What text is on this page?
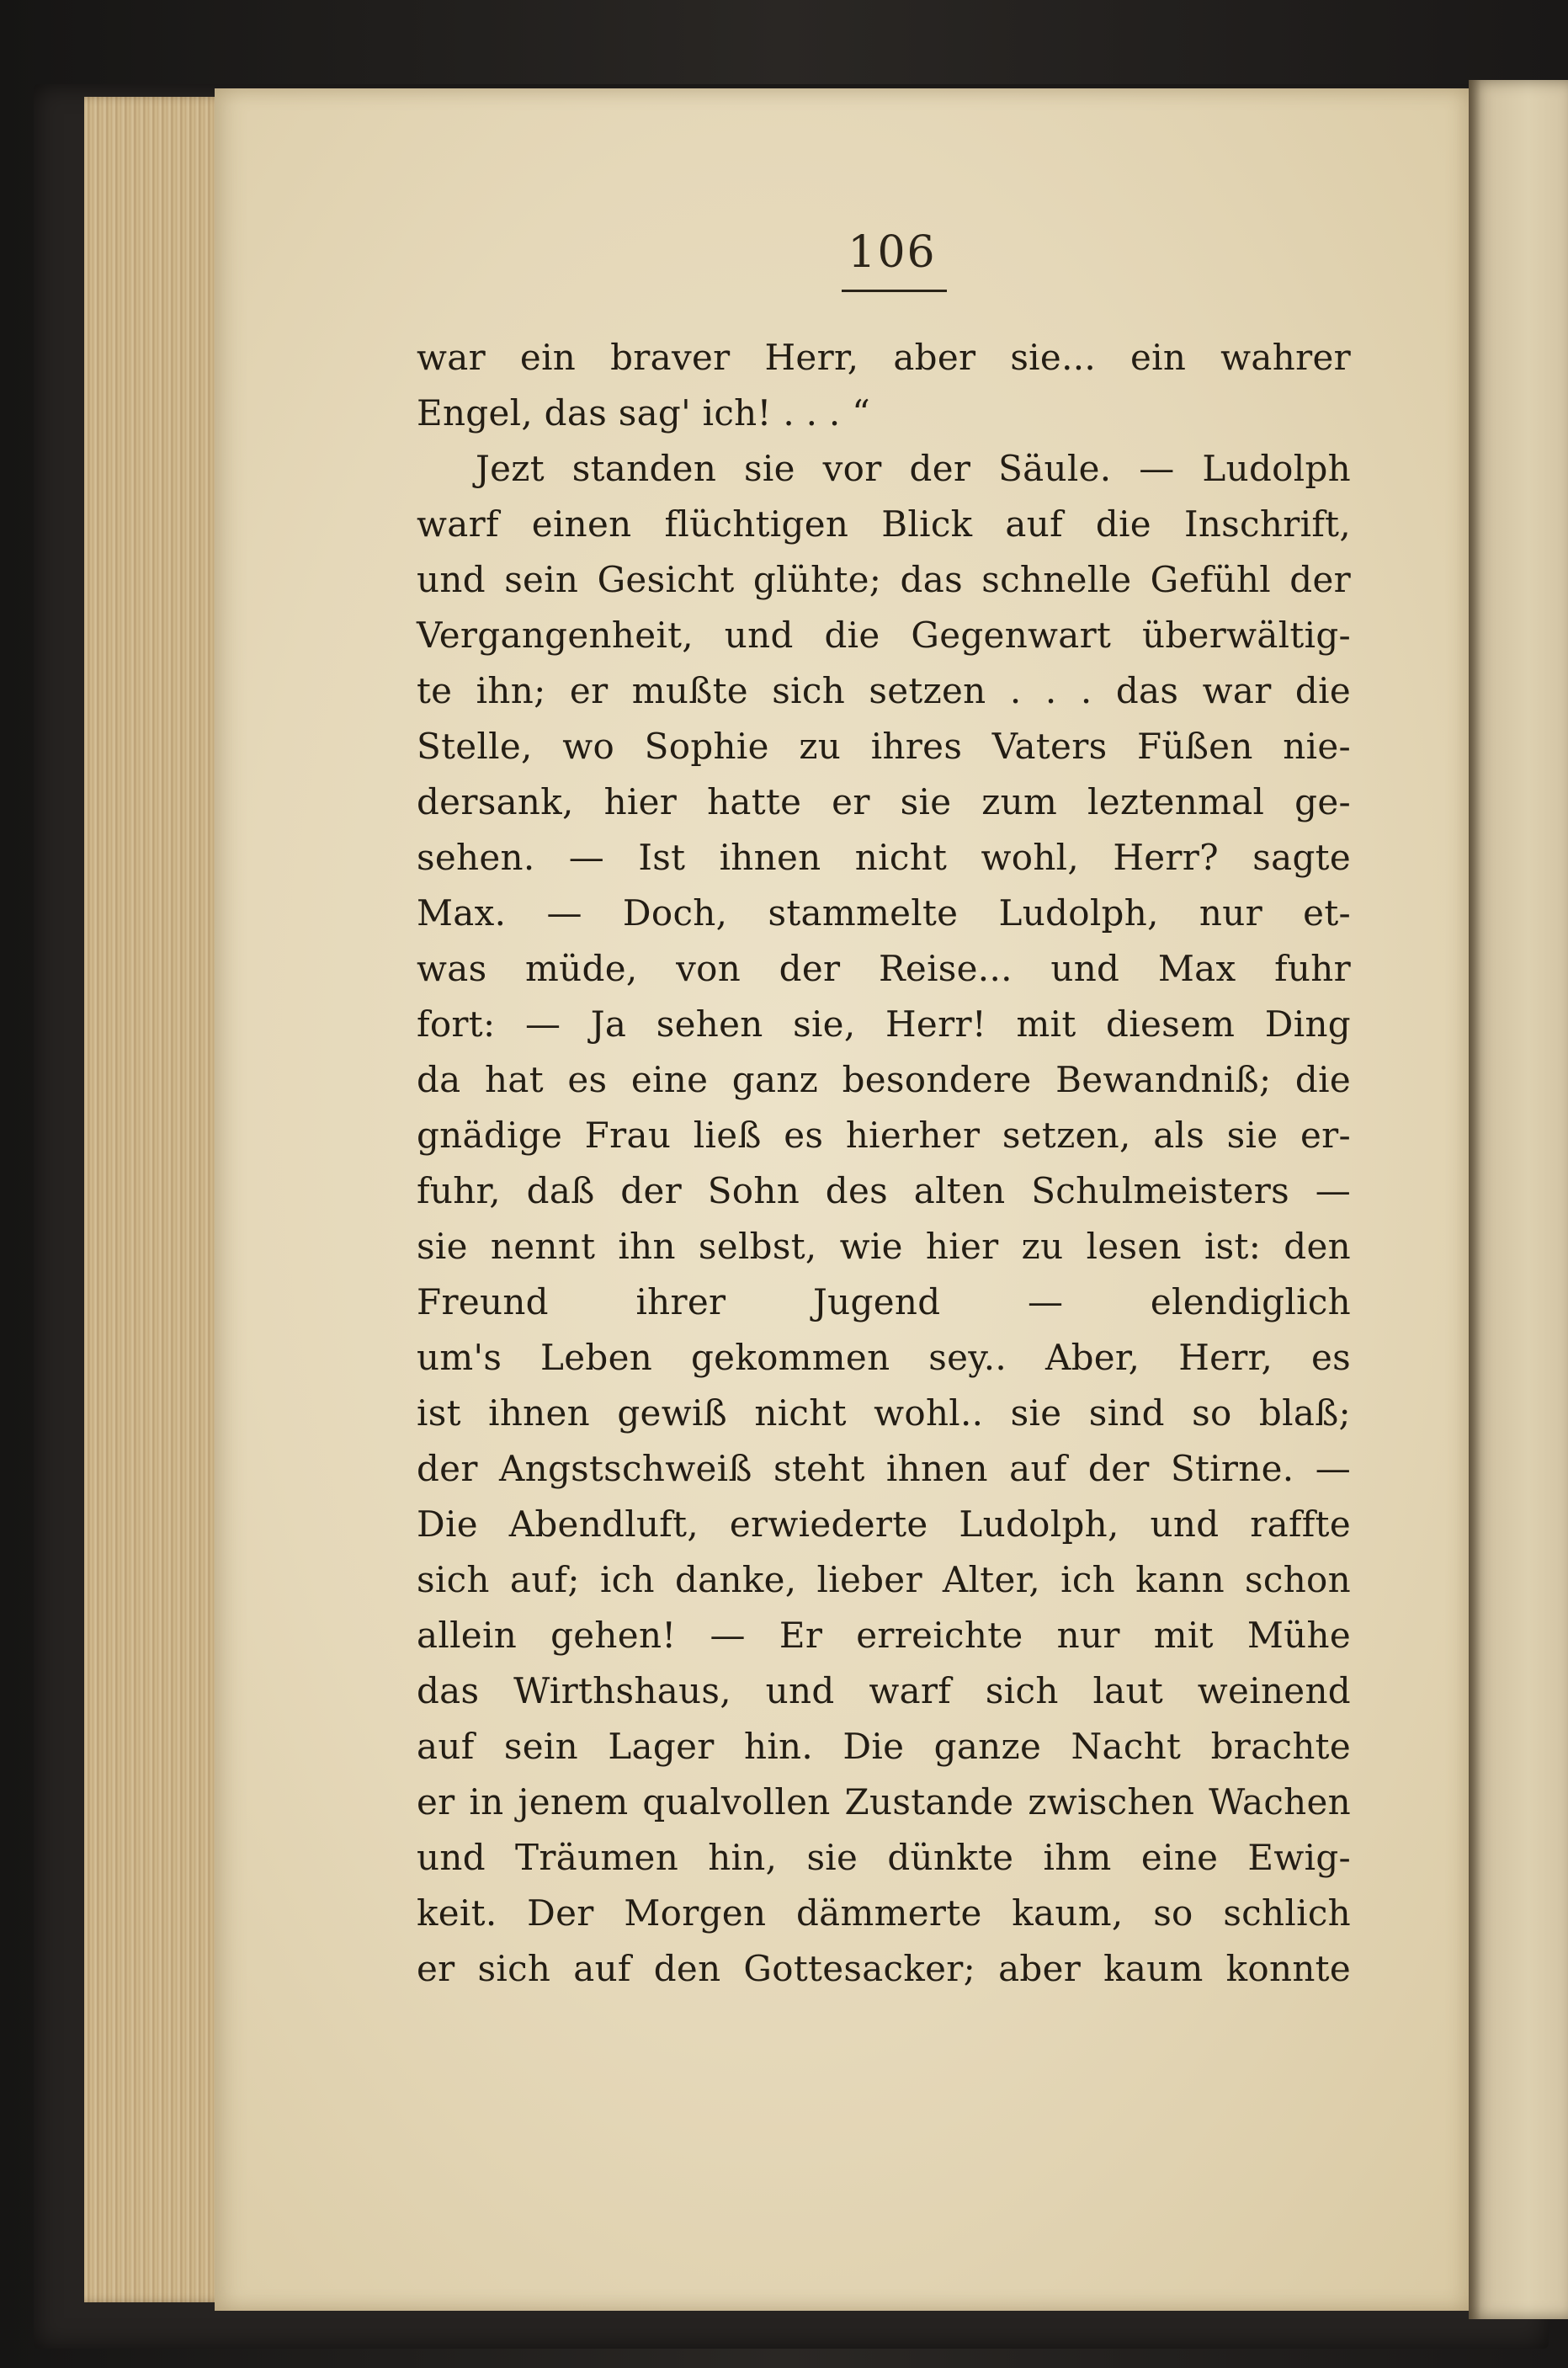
106
war ein braver Herr, aber sie... ein wahrer
Engel, das sag' ich! . . . “
Jezt standen sie vor der Säule. — Ludolph
warf einen flüchtigen Blick auf die Inschrift,
und sein Gesicht glühte; das schnelle Gefühl der
Vergangenheit, und die Gegenwart überwältig‑
te ihn; er mußte sich setzen . . . das war die
Stelle, wo Sophie zu ihres Vaters Füßen nie‑
dersank, hier hatte er sie zum leztenmal ge‑
sehen. — Ist ihnen nicht wohl, Herr? sagte
Max. — Doch, stammelte Ludolph, nur et‑
was müde, von der Reise... und Max fuhr
fort: — Ja sehen sie, Herr! mit diesem Ding
da hat es eine ganz besondere Bewandniß; die
gnädige Frau ließ es hierher setzen, als sie er‑
fuhr, daß der Sohn des alten Schulmeisters —
sie nennt ihn selbst, wie hier zu lesen ist: den
Freund ihrer Jugend — elendiglich
um's Leben gekommen sey.. Aber, Herr, es
ist ihnen gewiß nicht wohl.. sie sind so blaß;
der Angstschweiß steht ihnen auf der Stirne. —
Die Abendluft, erwiederte Ludolph, und raffte
sich auf; ich danke, lieber Alter, ich kann schon
allein gehen! — Er erreichte nur mit Mühe
das Wirthshaus, und warf sich laut weinend
auf sein Lager hin. Die ganze Nacht brachte
er in jenem qualvollen Zustande zwischen Wachen
und Träumen hin, sie dünkte ihm eine Ewig‑
keit. Der Morgen dämmerte kaum, so schlich
er sich auf den Gottesacker; aber kaum konnte
